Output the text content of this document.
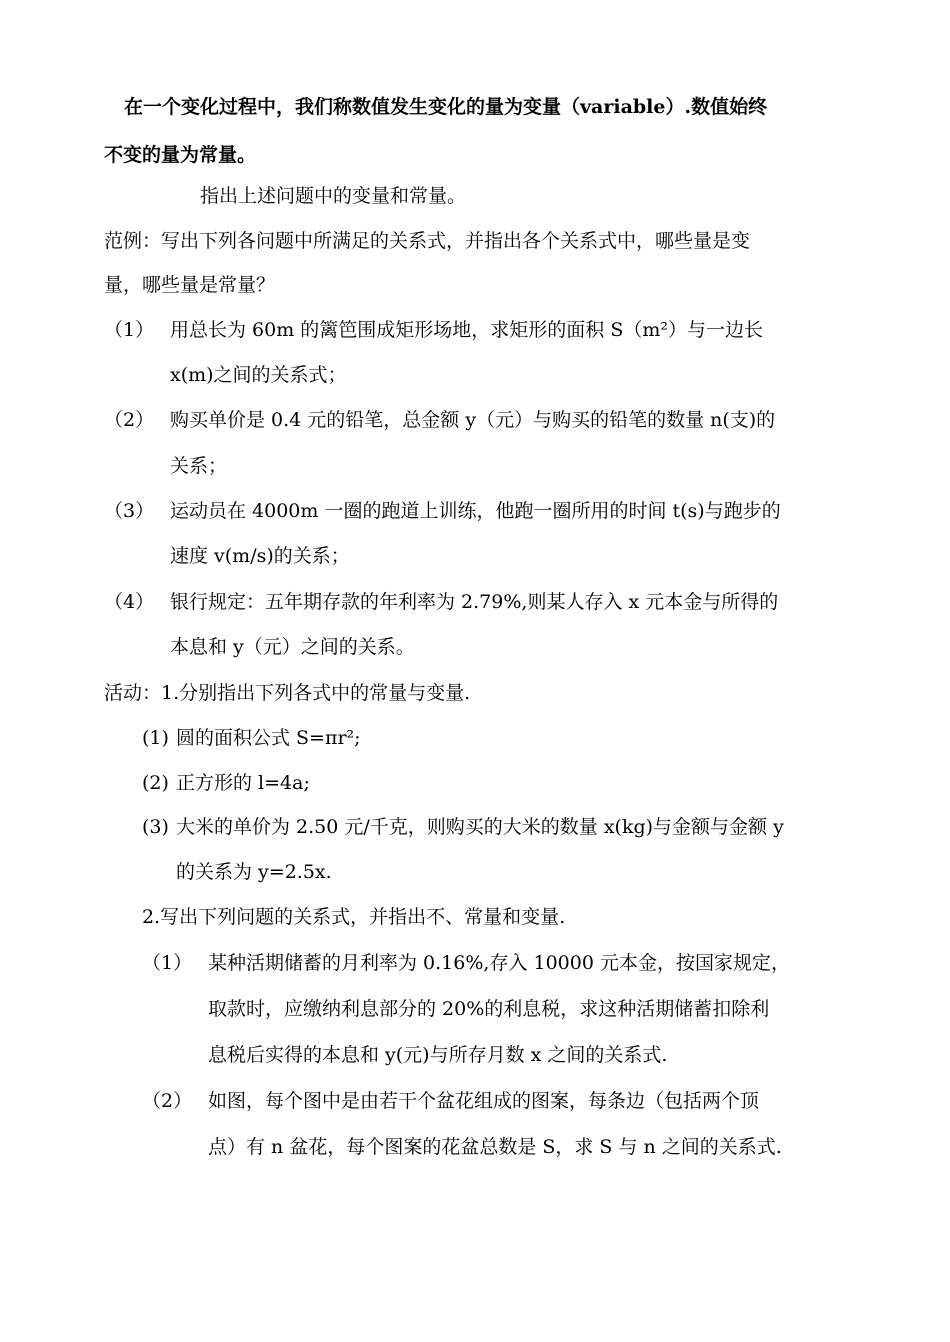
在一个变化过程中，我们称数值发生变化的量为变量（variable）.数值始终
不变的量为常量。
指出上述问题中的变量和常量。
范例：写出下列各问题中所满足的关系式，并指出各个关系式中，哪些量是变
量，哪些量是常量？
（1） 用总长为 60m 的篱笆围成矩形场地，求矩形的面积 S（m²）与一边长
x(m)之间的关系式；
（2） 购买单价是 0.4 元的铅笔，总金额 y（元）与购买的铅笔的数量 n(支)的
关系；
（3） 运动员在 4000m 一圈的跑道上训练，他跑一圈所用的时间 t(s)与跑步的
速度 v(m/s)的关系；
（4） 银行规定：五年期存款的年利率为 2.79%,则某人存入 x 元本金与所得的
本息和 y（元）之间的关系。
活动：1.分别指出下列各式中的常量与变量.
(1) 圆的面积公式 S=πr²;
(2) 正方形的 l=4a;
(3) 大米的单价为 2.50 元/千克，则购买的大米的数量 x(kg)与金额与金额 y
的关系为 y=2.5x.
2.写出下列问题的关系式，并指出不、常量和变量.
（1） 某种活期储蓄的月利率为 0.16%,存入 10000 元本金，按国家规定，
取款时，应缴纳利息部分的 20%的利息税，求这种活期储蓄扣除利
息税后实得的本息和 y(元)与所存月数 x 之间的关系式.
（2） 如图，每个图中是由若干个盆花组成的图案，每条边（包括两个顶
点）有 n 盆花，每个图案的花盆总数是 S，求 S 与 n 之间的关系式.
